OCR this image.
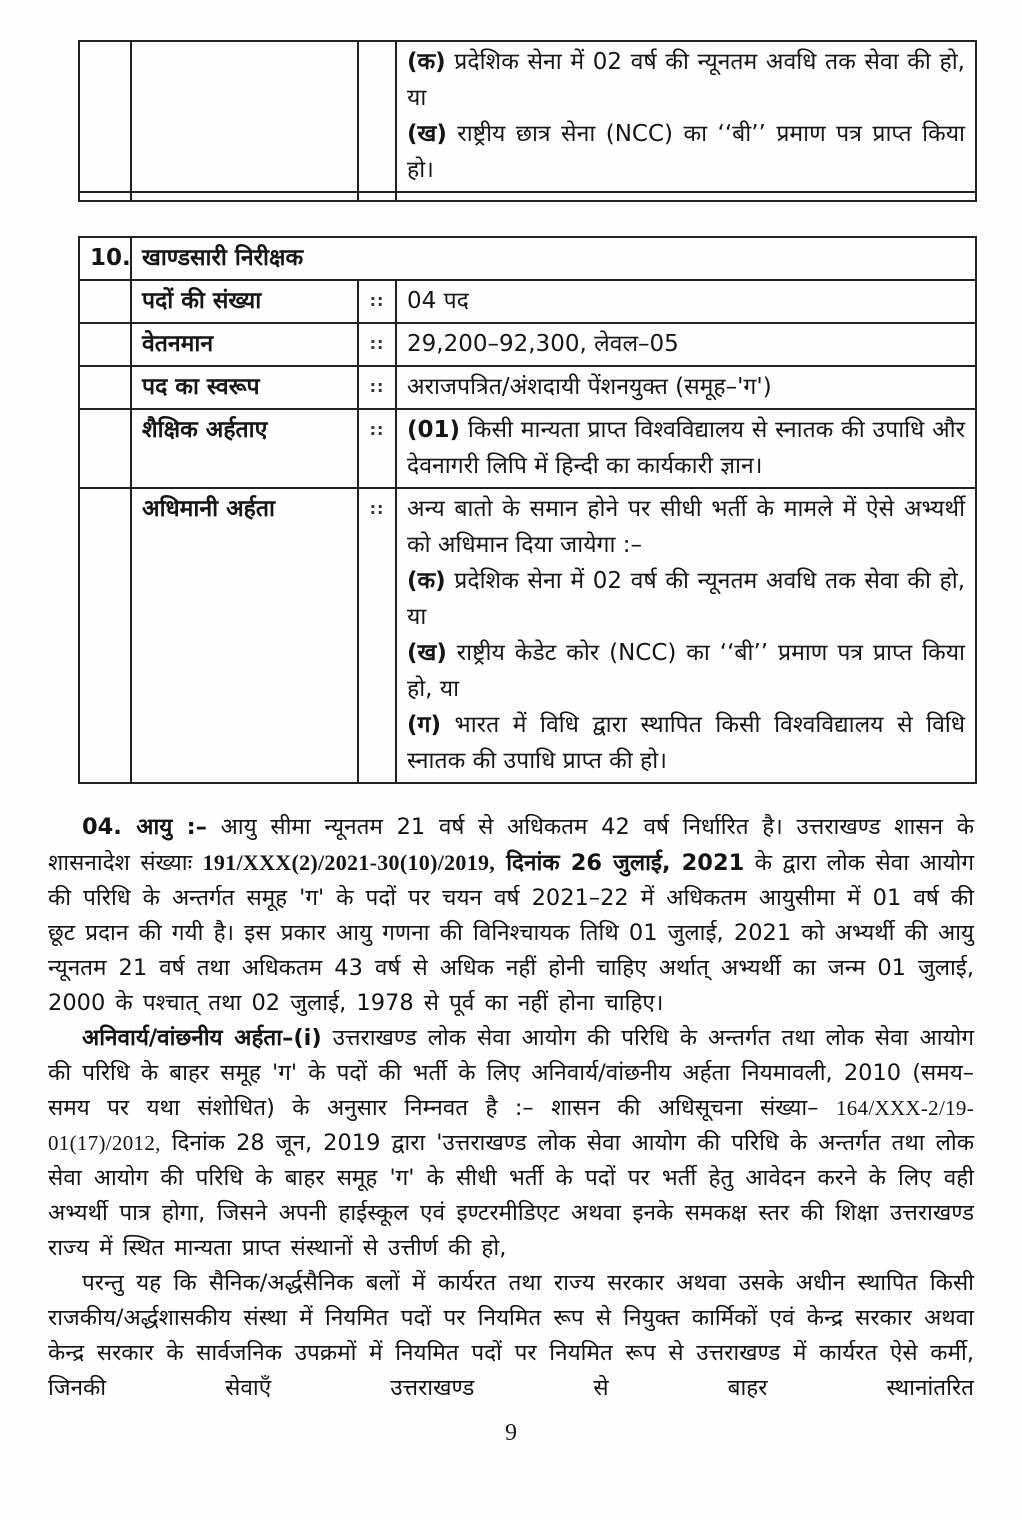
			(क) प्रदेशिक सेना में 02 वर्ष की न्यूनतम अवधि तक सेवा की हो, या
(ख) राष्ट्रीय छात्र सेना (NCC) का ‘‘बी’’ प्रमाण पत्र प्राप्त किया हो।

10.	खाण्डसारी निरीक्षक		
	पदों की संख्या	::	04 पद
	वेतनमान	::	29,200–92,300, लेवल–05
	पद का स्वरूप	::	अराजपत्रित/अंशदायी पेंशनयुक्त (समूह–'ग')
	शैक्षिक अर्हताए	::	(01) किसी मान्यता प्राप्त विश्वविद्यालय से स्नातक की उपाधि और देवनागरी लिपि में हिन्दी का कार्यकारी ज्ञान।

	अधिमानी अर्हता	::	अन्य बातो के समान होने पर सीधी भर्ती के मामले में ऐसे अभ्यर्थी को अधिमान दिया जायेगा :–
(क) प्रदेशिक सेना में 02 वर्ष की न्यूनतम अवधि तक सेवा की हो, या
(ख) राष्ट्रीय केडेट कोर (NCC) का ‘‘बी’’ प्रमाण पत्र प्राप्त किया हो, या
(ग) भारत में विधि द्वारा स्थापित किसी विश्वविद्यालय से विधि स्नातक की उपाधि प्राप्त की हो।

04. आयु :– आयु सीमा न्यूनतम 21 वर्ष से अधिकतम 42 वर्ष निर्धारित है। उत्तराखण्ड शासन के शासनादेश संख्याः 191/XXX(2)/2021-30(10)/2019, दिनांक 26 जुलाई, 2021 के द्वारा लोक सेवा आयोग की परिधि के अन्तर्गत समूह 'ग' के पदों पर चयन वर्ष 2021–22 में अधिकतम आयुसीमा में 01 वर्ष की छूट प्रदान की गयी है। इस प्रकार आयु गणना की विनिश्चायक तिथि 01 जुलाई, 2021 को अभ्यर्थी की आयु न्यूनतम 21 वर्ष तथा अधिकतम 43 वर्ष से अधिक नहीं होनी चाहिए अर्थात् अभ्यर्थी का जन्म 01 जुलाई, 2000 के पश्चात् तथा 02 जुलाई, 1978 से पूर्व का नहीं होना चाहिए।

अनिवार्य/वांछनीय अर्हता–(i) उत्तराखण्ड लोक सेवा आयोग की परिधि के अन्तर्गत तथा लोक सेवा आयोग की परिधि के बाहर समूह 'ग' के पदों की भर्ती के लिए अनिवार्य/वांछनीय अर्हता नियमावली, 2010 (समय–समय पर यथा संशोधित) के अनुसार निम्नवत है :– शासन की अधिसूचना संख्या– 164/XXX-2/19-01(17)/2012, दिनांक 28 जून, 2019 द्वारा 'उत्तराखण्ड लोक सेवा आयोग की परिधि के अन्तर्गत तथा लोक सेवा आयोग की परिधि के बाहर समूह 'ग' के सीधी भर्ती के पदों पर भर्ती हेतु आवेदन करने के लिए वही अभ्यर्थी पात्र होगा, जिसने अपनी हाईस्कूल एवं इण्टरमीडिएट अथवा इनके समकक्ष स्तर की शिक्षा उत्तराखण्ड राज्य में स्थित मान्यता प्राप्त संस्थानों से उत्तीर्ण की हो,

परन्तु यह कि सैनिक/अर्द्धसैनिक बलों में कार्यरत तथा राज्य सरकार अथवा उसके अधीन स्थापित किसी राजकीय/अर्द्धशासकीय संस्था में नियमित पदों पर नियमित रूप से नियुक्त कार्मिकों एवं केन्द्र सरकार अथवा केन्द्र सरकार के सार्वजनिक उपक्रमों में नियमित पदों पर नियमित रूप से उत्तराखण्ड में कार्यरत ऐसे कर्मी, जिनकी सेवाएँ उत्तराखण्ड से बाहर स्थानांतरित

9
